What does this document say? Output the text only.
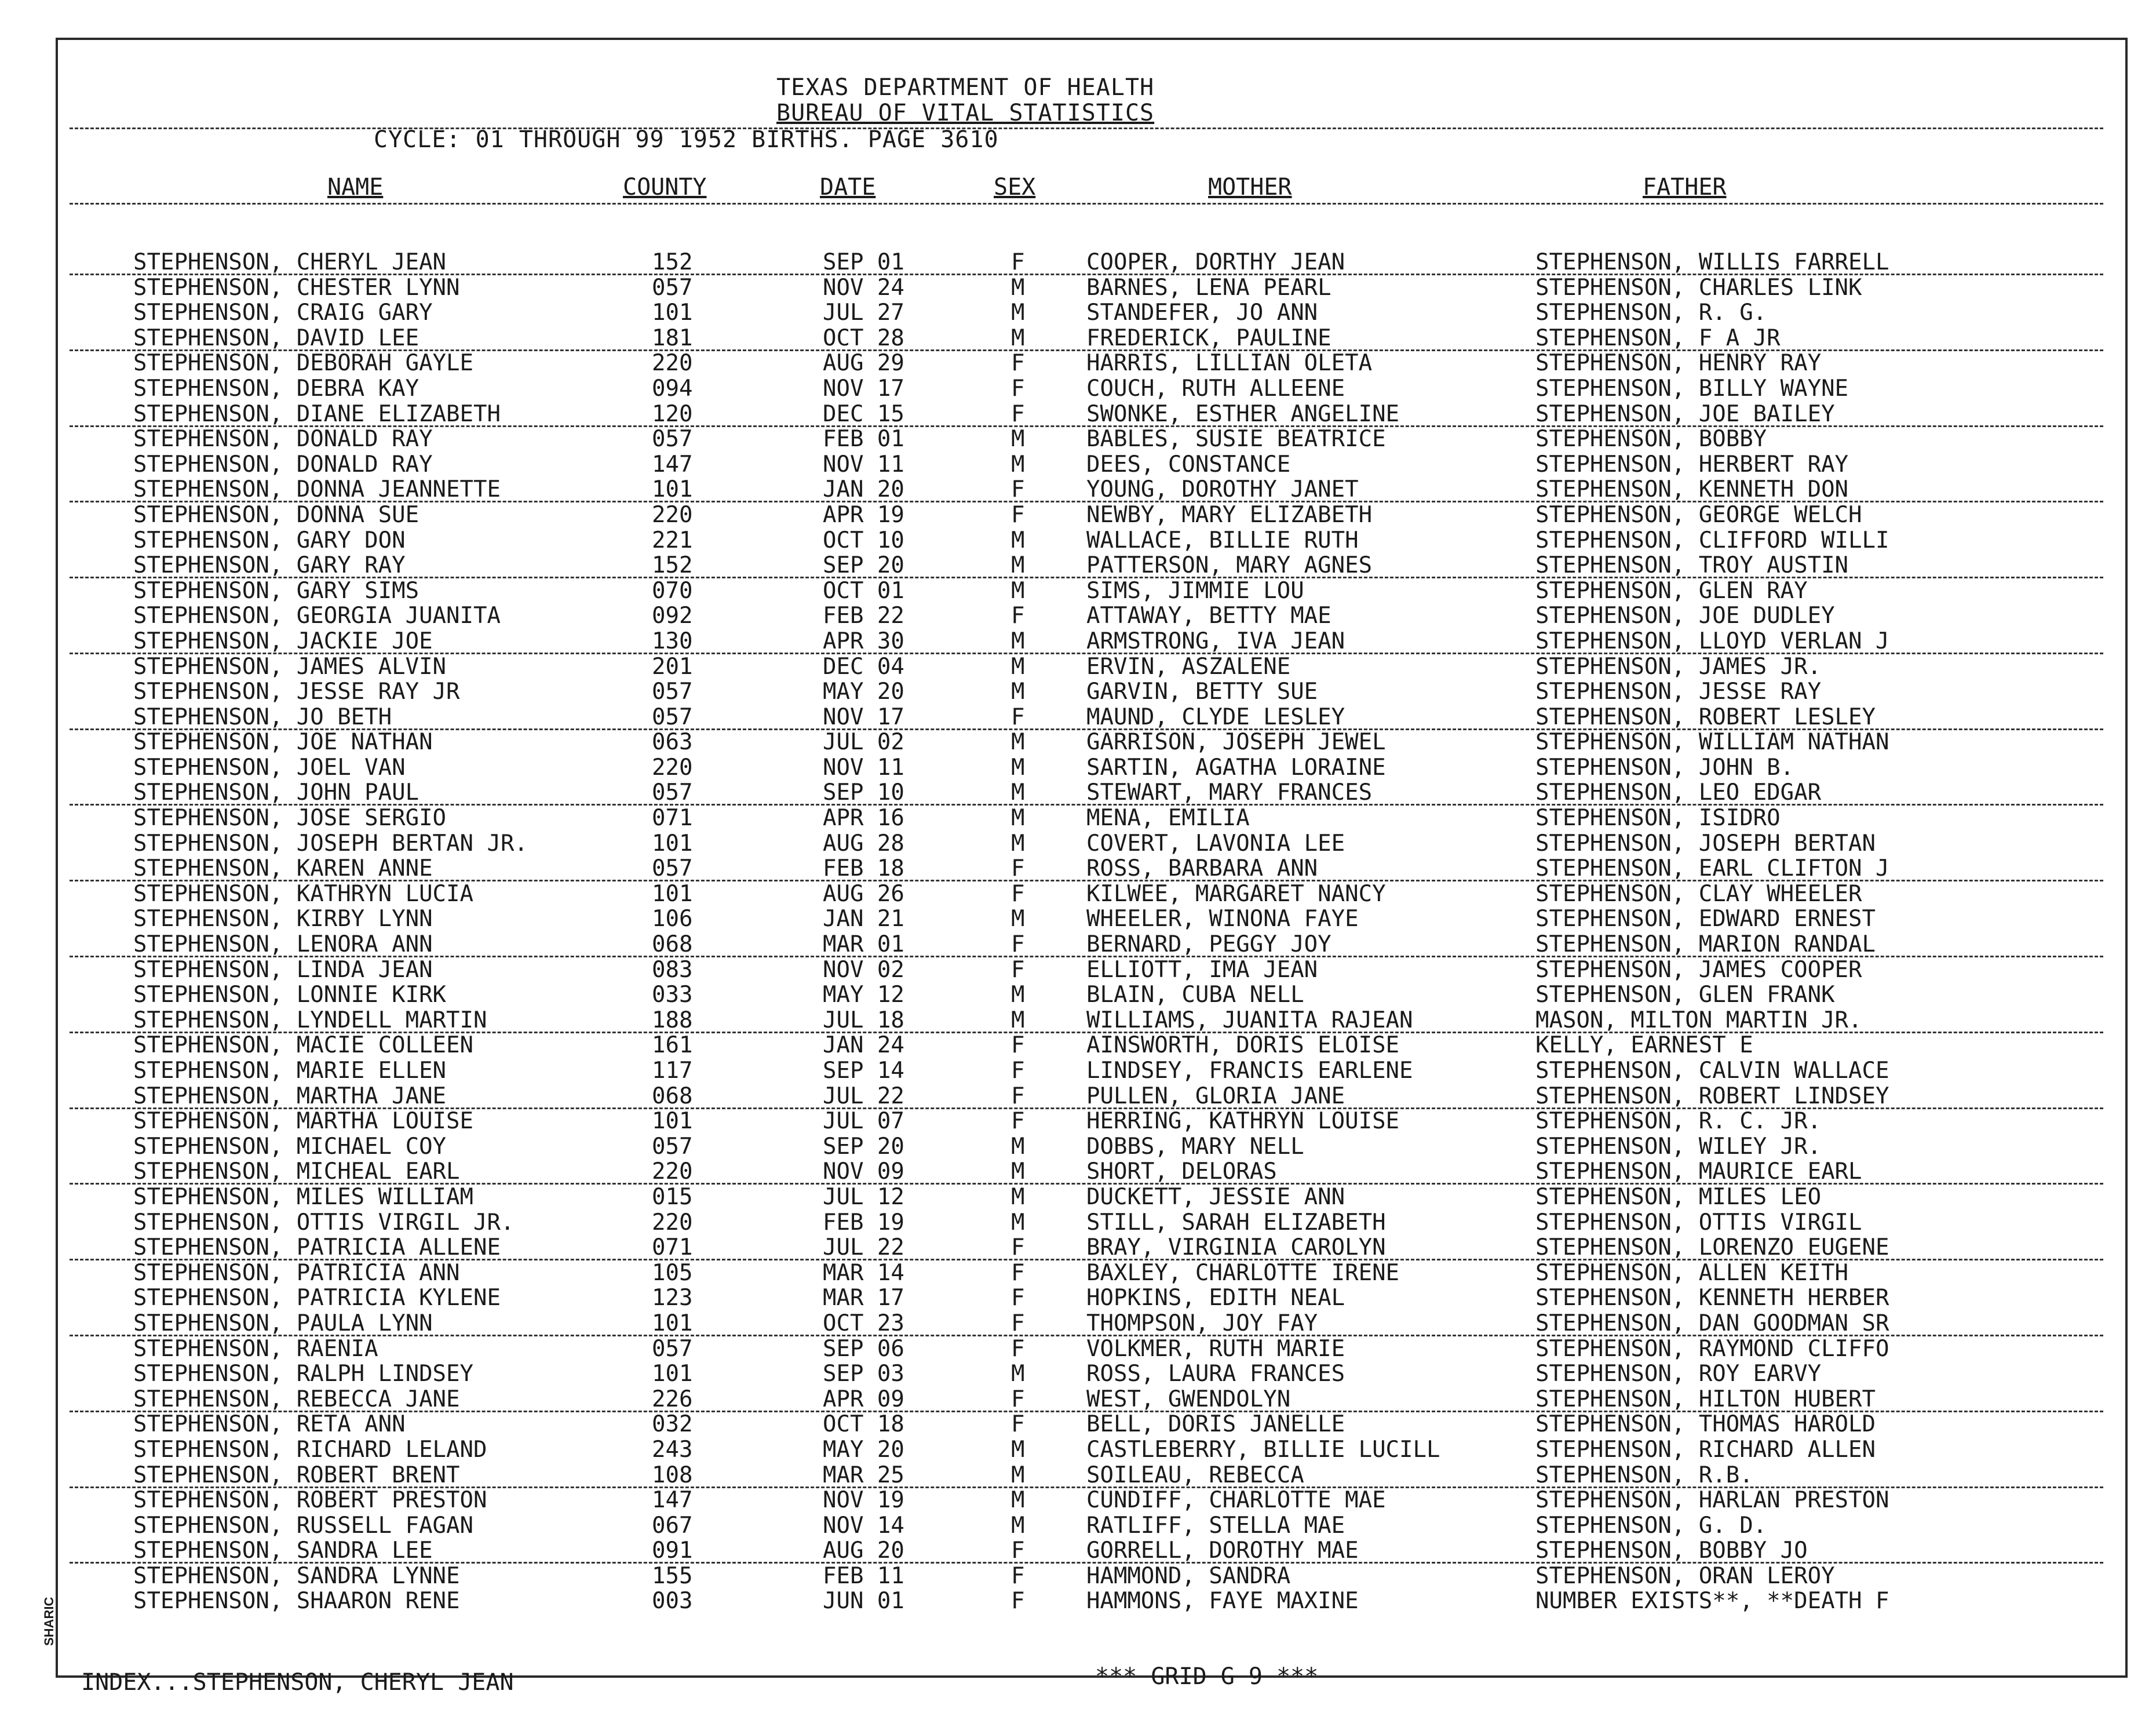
TEXAS DEPARTMENT OF HEALTH
BUREAU OF VITAL STATISTICS
CYCLE: 01 THROUGH 99 1952 BIRTHS. PAGE 3610
NAME	COUNTY	DATE	SEX	MOTHER	FATHER
STEPHENSON, CHERYL JEAN	152	SEP 01	F	COOPER, DORTHY JEAN	STEPHENSON, WILLIS FARRELL
STEPHENSON, CHESTER LYNN	057	NOV 24	M	BARNES, LENA PEARL	STEPHENSON, CHARLES LINK
STEPHENSON, CRAIG GARY	101	JUL 27	M	STANDEFER, JO ANN	STEPHENSON, R. G.
STEPHENSON, DAVID LEE	181	OCT 28	M	FREDERICK, PAULINE	STEPHENSON, F A JR
STEPHENSON, DEBORAH GAYLE	220	AUG 29	F	HARRIS, LILLIAN OLETA	STEPHENSON, HENRY RAY
STEPHENSON, DEBRA KAY	094	NOV 17	F	COUCH, RUTH ALLEENE	STEPHENSON, BILLY WAYNE
STEPHENSON, DIANE ELIZABETH	120	DEC 15	F	SWONKE, ESTHER ANGELINE	STEPHENSON, JOE BAILEY
STEPHENSON, DONALD RAY	057	FEB 01	M	BABLES, SUSIE BEATRICE	STEPHENSON, BOBBY
STEPHENSON, DONALD RAY	147	NOV 11	M	DEES, CONSTANCE	STEPHENSON, HERBERT RAY
STEPHENSON, DONNA JEANNETTE	101	JAN 20	F	YOUNG, DOROTHY JANET	STEPHENSON, KENNETH DON
STEPHENSON, DONNA SUE	220	APR 19	F	NEWBY, MARY ELIZABETH	STEPHENSON, GEORGE WELCH
STEPHENSON, GARY DON	221	OCT 10	M	WALLACE, BILLIE RUTH	STEPHENSON, CLIFFORD WILLI
STEPHENSON, GARY RAY	152	SEP 20	M	PATTERSON, MARY AGNES	STEPHENSON, TROY AUSTIN
STEPHENSON, GARY SIMS	070	OCT 01	M	SIMS, JIMMIE LOU	STEPHENSON, GLEN RAY
STEPHENSON, GEORGIA JUANITA	092	FEB 22	F	ATTAWAY, BETTY MAE	STEPHENSON, JOE DUDLEY
STEPHENSON, JACKIE JOE	130	APR 30	M	ARMSTRONG, IVA JEAN	STEPHENSON, LLOYD VERLAN J
STEPHENSON, JAMES ALVIN	201	DEC 04	M	ERVIN, ASZALENE	STEPHENSON, JAMES JR.
STEPHENSON, JESSE RAY JR	057	MAY 20	M	GARVIN, BETTY SUE	STEPHENSON, JESSE RAY
STEPHENSON, JO BETH	057	NOV 17	F	MAUND, CLYDE LESLEY	STEPHENSON, ROBERT LESLEY
STEPHENSON, JOE NATHAN	063	JUL 02	M	GARRISON, JOSEPH JEWEL	STEPHENSON, WILLIAM NATHAN
STEPHENSON, JOEL VAN	220	NOV 11	M	SARTIN, AGATHA LORAINE	STEPHENSON, JOHN B.
STEPHENSON, JOHN PAUL	057	SEP 10	M	STEWART, MARY FRANCES	STEPHENSON, LEO EDGAR
STEPHENSON, JOSE SERGIO	071	APR 16	M	MENA, EMILIA	STEPHENSON, ISIDRO
STEPHENSON, JOSEPH BERTAN JR.	101	AUG 28	M	COVERT, LAVONIA LEE	STEPHENSON, JOSEPH BERTAN
STEPHENSON, KAREN ANNE	057	FEB 18	F	ROSS, BARBARA ANN	STEPHENSON, EARL CLIFTON J
STEPHENSON, KATHRYN LUCIA	101	AUG 26	F	KILWEE, MARGARET NANCY	STEPHENSON, CLAY WHEELER
STEPHENSON, KIRBY LYNN	106	JAN 21	M	WHEELER, WINONA FAYE	STEPHENSON, EDWARD ERNEST
STEPHENSON, LENORA ANN	068	MAR 01	F	BERNARD, PEGGY JOY	STEPHENSON, MARION RANDAL
STEPHENSON, LINDA JEAN	083	NOV 02	F	ELLIOTT, IMA JEAN	STEPHENSON, JAMES COOPER
STEPHENSON, LONNIE KIRK	033	MAY 12	M	BLAIN, CUBA NELL	STEPHENSON, GLEN FRANK
STEPHENSON, LYNDELL MARTIN	188	JUL 18	M	WILLIAMS, JUANITA RAJEAN	MASON, MILTON MARTIN JR.
STEPHENSON, MACIE COLLEEN	161	JAN 24	F	AINSWORTH, DORIS ELOISE	KELLY, EARNEST E
STEPHENSON, MARIE ELLEN	117	SEP 14	F	LINDSEY, FRANCIS EARLENE	STEPHENSON, CALVIN WALLACE
STEPHENSON, MARTHA JANE	068	JUL 22	F	PULLEN, GLORIA JANE	STEPHENSON, ROBERT LINDSEY
STEPHENSON, MARTHA LOUISE	101	JUL 07	F	HERRING, KATHRYN LOUISE	STEPHENSON, R. C. JR.
STEPHENSON, MICHAEL COY	057	SEP 20	M	DOBBS, MARY NELL	STEPHENSON, WILEY JR.
STEPHENSON, MICHEAL EARL	220	NOV 09	M	SHORT, DELORAS	STEPHENSON, MAURICE EARL
STEPHENSON, MILES WILLIAM	015	JUL 12	M	DUCKETT, JESSIE ANN	STEPHENSON, MILES LEO
STEPHENSON, OTTIS VIRGIL JR.	220	FEB 19	M	STILL, SARAH ELIZABETH	STEPHENSON, OTTIS VIRGIL
STEPHENSON, PATRICIA ALLENE	071	JUL 22	F	BRAY, VIRGINIA CAROLYN	STEPHENSON, LORENZO EUGENE
STEPHENSON, PATRICIA ANN	105	MAR 14	F	BAXLEY, CHARLOTTE IRENE	STEPHENSON, ALLEN KEITH
STEPHENSON, PATRICIA KYLENE	123	MAR 17	F	HOPKINS, EDITH NEAL	STEPHENSON, KENNETH HERBER
STEPHENSON, PAULA LYNN	101	OCT 23	F	THOMPSON, JOY FAY	STEPHENSON, DAN GOODMAN SR
STEPHENSON, RAENIA	057	SEP 06	F	VOLKMER, RUTH MARIE	STEPHENSON, RAYMOND CLIFFO
STEPHENSON, RALPH LINDSEY	101	SEP 03	M	ROSS, LAURA FRANCES	STEPHENSON, ROY EARVY
STEPHENSON, REBECCA JANE	226	APR 09	F	WEST, GWENDOLYN	STEPHENSON, HILTON HUBERT
STEPHENSON, RETA ANN	032	OCT 18	F	BELL, DORIS JANELLE	STEPHENSON, THOMAS HAROLD
STEPHENSON, RICHARD LELAND	243	MAY 20	M	CASTLEBERRY, BILLIE LUCILL	STEPHENSON, RICHARD ALLEN
STEPHENSON, ROBERT BRENT	108	MAR 25	M	SOILEAU, REBECCA	STEPHENSON, R.B.
STEPHENSON, ROBERT PRESTON	147	NOV 19	M	CUNDIFF, CHARLOTTE MAE	STEPHENSON, HARLAN PRESTON
STEPHENSON, RUSSELL FAGAN	067	NOV 14	M	RATLIFF, STELLA MAE	STEPHENSON, G. D.
STEPHENSON, SANDRA LEE	091	AUG 20	F	GORRELL, DOROTHY MAE	STEPHENSON, BOBBY JO
STEPHENSON, SANDRA LYNNE	155	FEB 11	F	HAMMOND, SANDRA	STEPHENSON, ORAN LEROY
STEPHENSON, SHAARON RENE	003	JUN 01	F	HAMMONS, FAYE MAXINE	NUMBER EXISTS**, **DEATH F
INDEX...STEPHENSON, CHERYL JEAN	*** GRID G 9 ***
SHARIC
